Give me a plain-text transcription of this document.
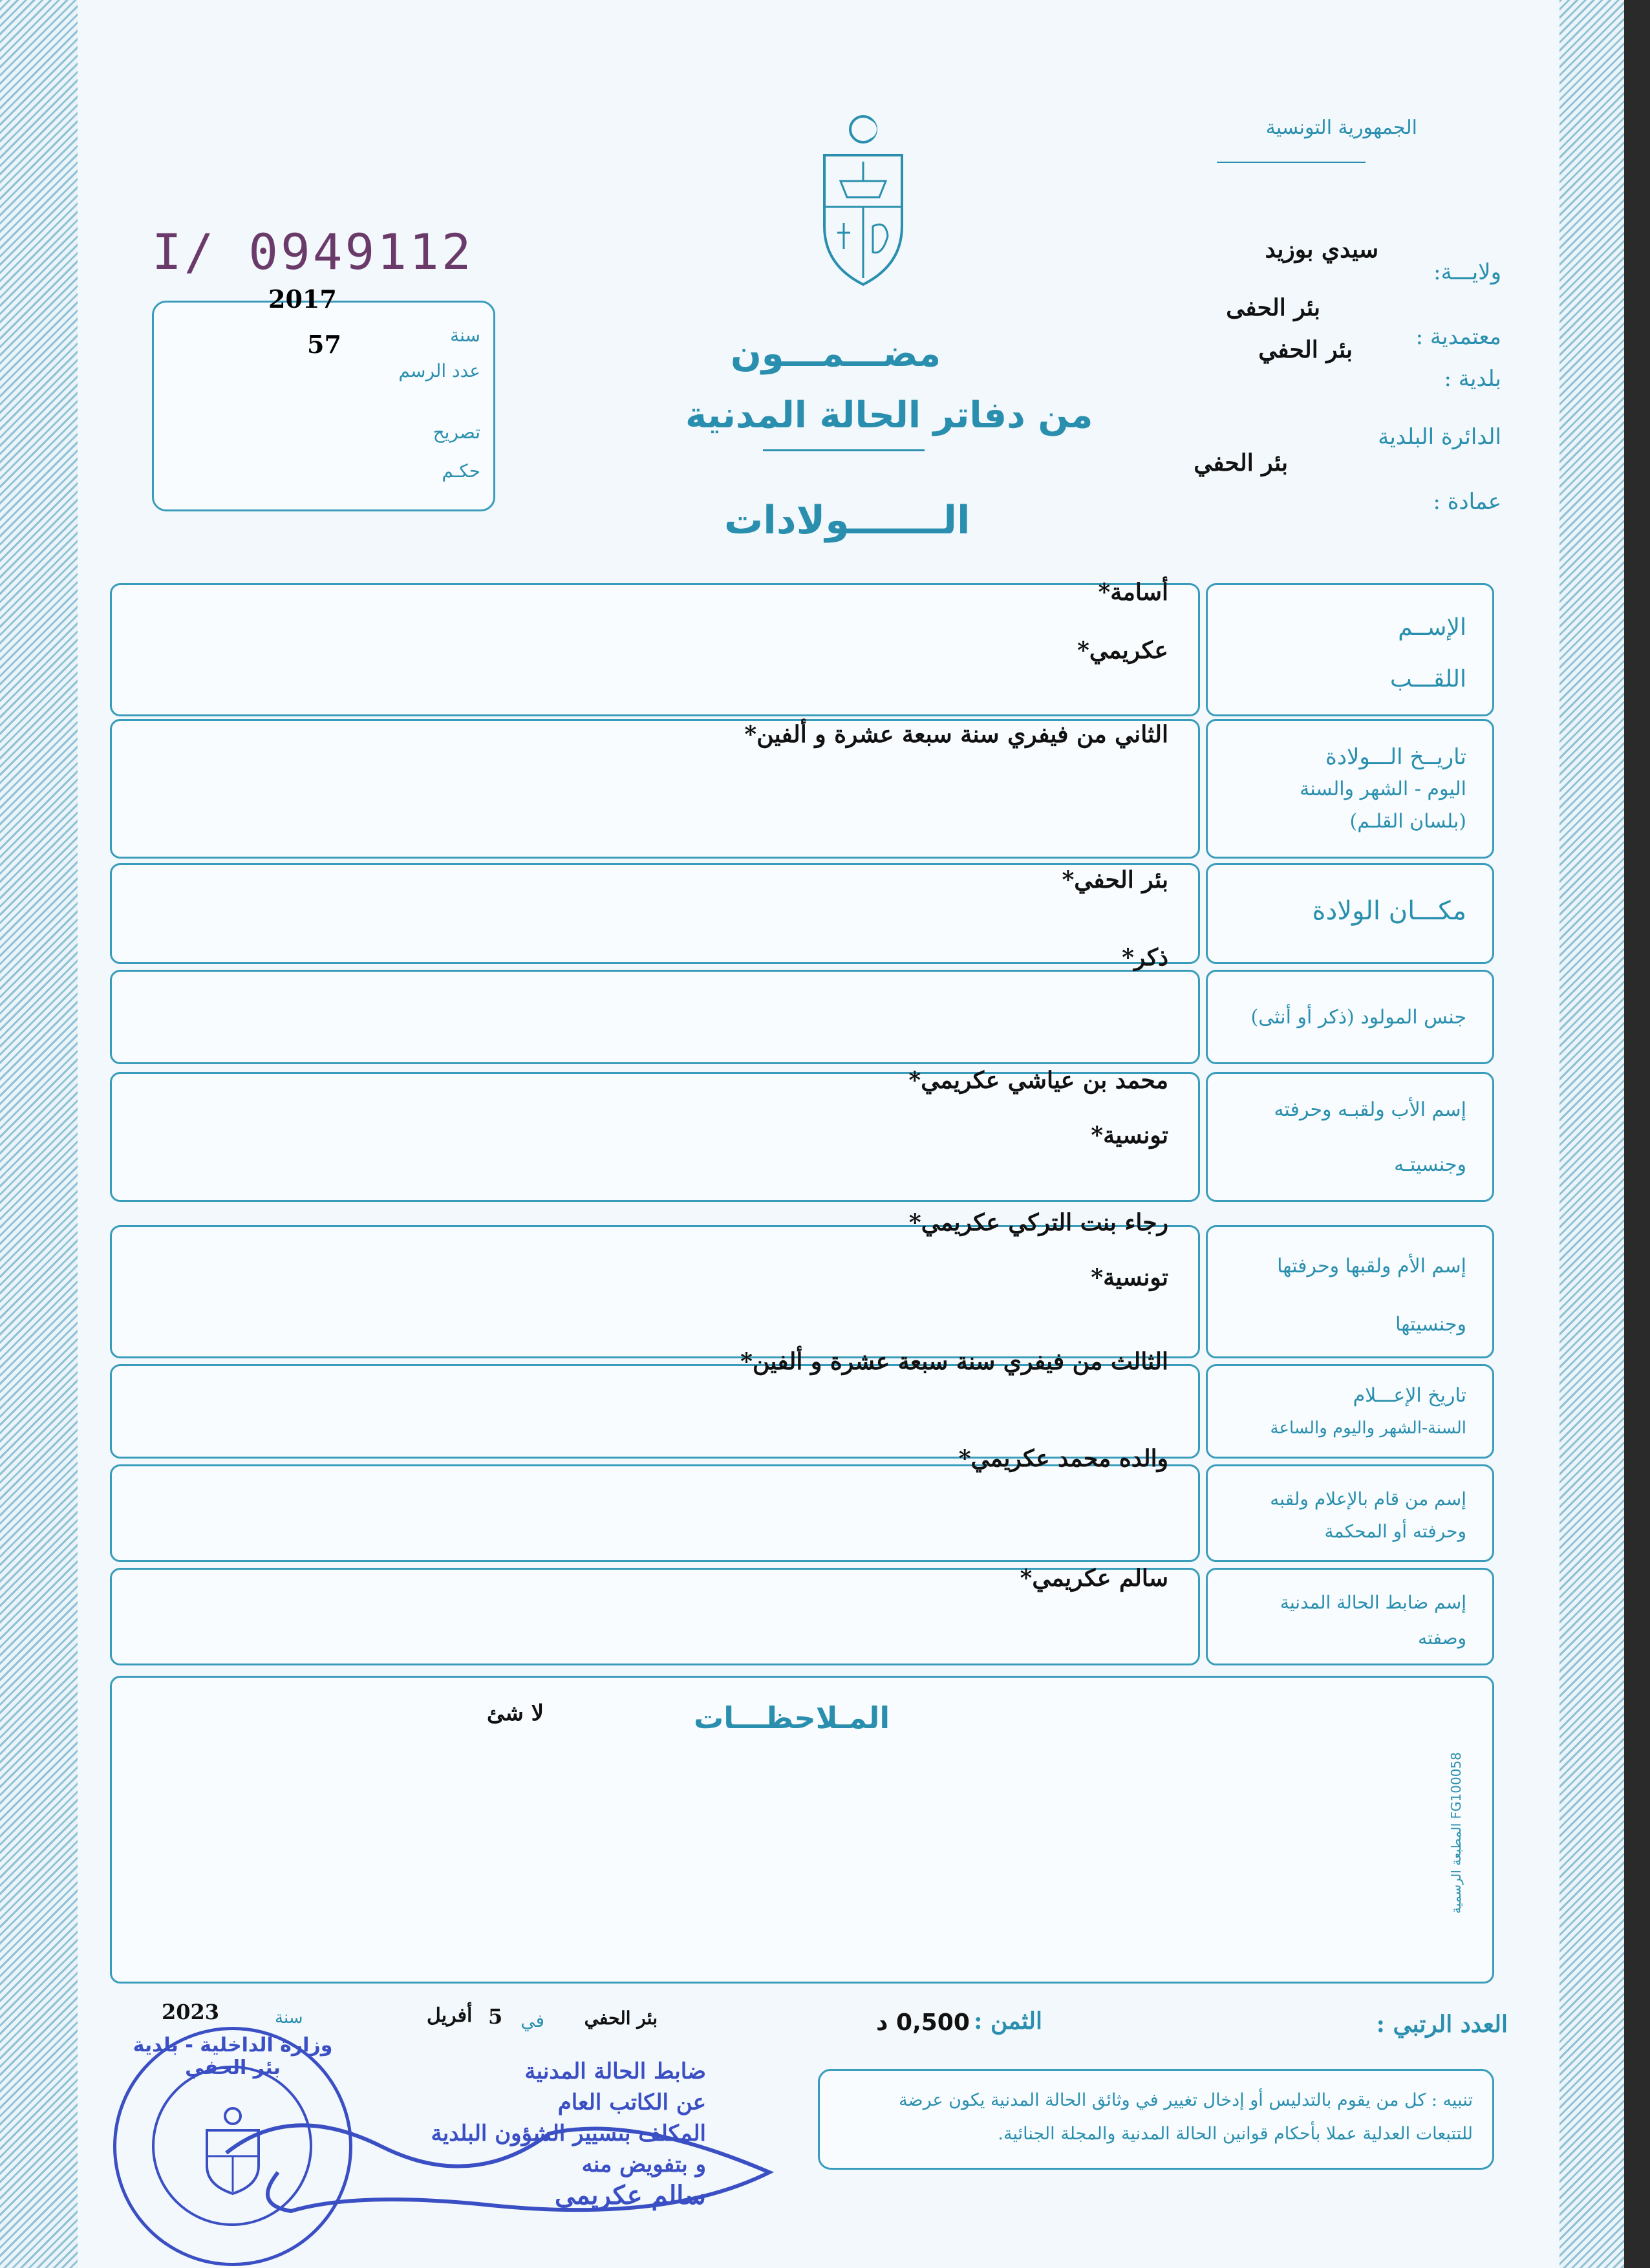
الجمهورية التونسية
I/ 0949112
سنة
عدد الرسم
تصريح
حكـم
2017
57
ولايـــة:
سيدي بوزيد
معتمدية :
بئر الحفى
بلدية :
بئر الحفي
الدائرة البلدية
بئر الحفي
عمادة :
مضـــمـــون
من دفاتر الحالة المدنية
الـــــــولادات
الإســم
اللقـــب
أسامة*
عكريمي*
تاريــخ الـــولادة
اليوم - الشهر والسنة
(بلسان القلـم)
الثاني من فيفري سنة سبعة عشرة و ألفين*
مكـــان الولادة
بئر الحفي*
جنس المولود (ذكر أو أنثى)
ذكر*
إسم الأب ولقبـه وحرفته
وجنسيتـه
محمد بن عياشي عكريمي*
تونسية*
إسم الأم ولقبها وحرفتها
وجنسيتها
رجاء بنت التركي عكريمي*
تونسية*
تاريخ الإعـــلام
السنة-الشهر واليوم والساعة
الثالث من فيفري سنة سبعة عشرة و ألفين*
إسم من قام بالإعلام ولقبه
وحرفته أو المحكمة
والده محمد عكريمي*
إسم ضابط الحالة المدنية
وصفته
سالم عكريمي*
المـلاحظـــات
لا شئ
المطبعة الرسمية FG100058
العدد الرتبي :
الثمن :
0,500 د
بئر الحفي
في
5
أفريل
سنة
2023
تنبيه : كل من يقوم بالتدليس أو إدخال تغيير في وثائق الحالة المدنية يكون عرضة للتتبعات العدلية عملا بأحكام قوانين الحالة المدنية والمجلة الجنائية.
ضابط الحالة المدنية
عن الكاتب العام
المكلف بتسيير الشؤون البلدية
و بتفويض منه
سالم عكريمي
وزارة الداخلية - بلدية بئر الحفي
